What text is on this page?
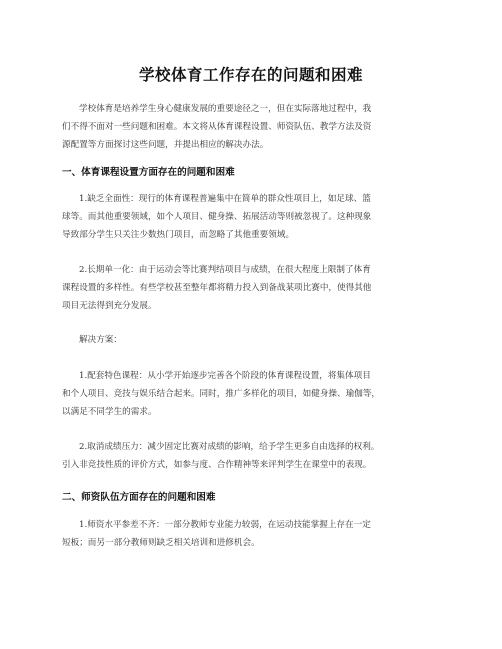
学校体育工作存在的问题和困难

学校体育是培养学生身心健康发展的重要途径之一，但在实际落地过程中，我
们不得不面对一些问题和困难。本文将从体育课程设置、师资队伍、教学方法及资
源配置等方面探讨这些问题，并提出相应的解决办法。

一、体育课程设置方面存在的问题和困难

1.缺乏全面性：现行的体育课程普遍集中在简单的群众性项目上，如足球、篮
球等。而其他重要领域，如个人项目、健身操、拓展活动等则被忽视了。这种现象
导致部分学生只关注少数热门项目，而忽略了其他重要领域。

2.长期单一化：由于运动会等比赛判结项目与成绩，在很大程度上限制了体育
课程设置的多样性。有些学校甚至整年都将精力投入到备战某项比赛中，使得其他
项目无法得到充分发展。

解决方案：

1.配套特色课程：从小学开始逐步完善各个阶段的体育课程设置，将集体项目
和个人项目、竞技与娱乐结合起来。同时，推广多样化的项目，如健身操、瑜伽等，
以满足不同学生的需求。

2.取消成绩压力：减少固定比赛对成绩的影响，给予学生更多自由选择的权利。
引入非竞技性质的评价方式，如参与度、合作精神等来评判学生在课堂中的表现。

二、师资队伍方面存在的问题和困难

1.师资水平参差不齐：一部分教师专业能力较弱，在运动技能掌握上存在一定
短板；而另一部分教师则缺乏相关培训和进修机会。
